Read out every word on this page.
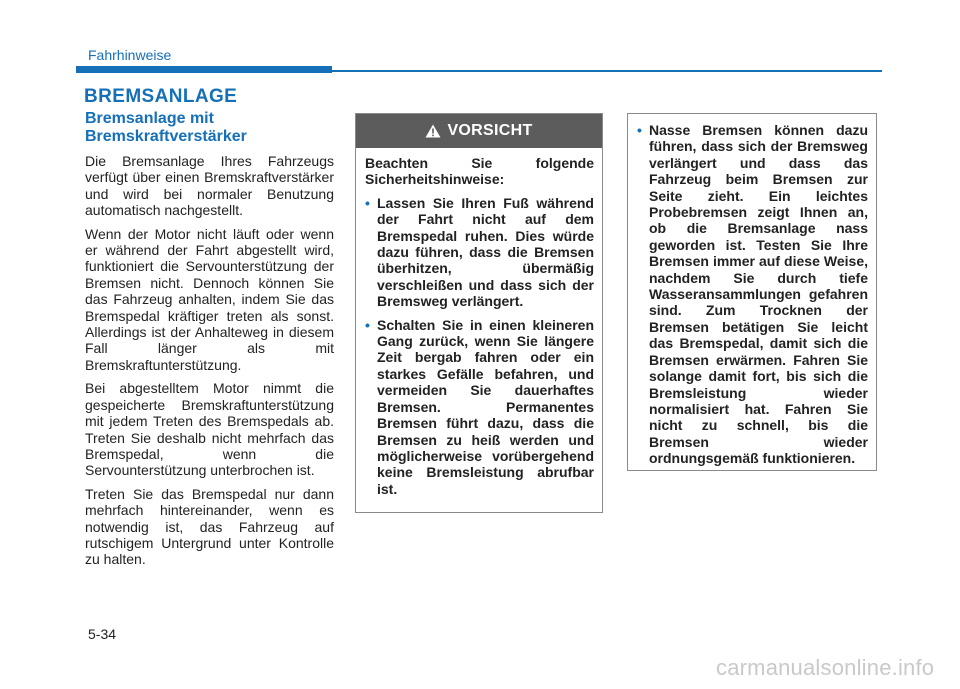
Fahrhinweise
BREMSANLAGE
Bremsanlage mit Bremskraftverstärker

Die Bremsanlage Ihres Fahrzeugs verfügt über einen Bremskraftverstärker und wird bei normaler Benutzung automatisch nachgestellt.

Wenn der Motor nicht läuft oder wenn er während der Fahrt abgestellt wird, funktioniert die Servounterstützung der Bremsen nicht. Dennoch können Sie das Fahrzeug anhalten, indem Sie das Bremspedal kräftiger treten als sonst. Allerdings ist der Anhalteweg in diesem Fall länger als mit Bremskraftunterstützung.

Bei abgestelltem Motor nimmt die gespeicherte Bremskraftunterstützung mit jedem Treten des Bremspedals ab. Treten Sie deshalb nicht mehrfach das Bremspedal, wenn die Servounterstützung unterbrochen ist.

Treten Sie das Bremspedal nur dann mehrfach hintereinander, wenn es notwendig ist, das Fahrzeug auf rutschigem Untergrund unter Kontrolle zu halten.

VORSICHT

Beachten Sie folgende Sicherheitshinweise:

• Lassen Sie Ihren Fuß während der Fahrt nicht auf dem Bremspedal ruhen. Dies würde dazu führen, dass die Bremsen überhitzen, übermäßig verschleißen und dass sich der Bremsweg verlängert.
• Schalten Sie in einen kleineren Gang zurück, wenn Sie längere Zeit bergab fahren oder ein starkes Gefälle befahren, und vermeiden Sie dauerhaftes Bremsen. Permanentes Bremsen führt dazu, dass die Bremsen zu heiß werden und möglicherweise vorübergehend keine Bremsleistung abrufbar ist.
• Nasse Bremsen können dazu führen, dass sich der Bremsweg verlängert und dass das Fahrzeug beim Bremsen zur Seite zieht. Ein leichtes Probebremsen zeigt Ihnen an, ob die Bremsanlage nass geworden ist. Testen Sie Ihre Bremsen immer auf diese Weise, nachdem Sie durch tiefe Wasseransammlungen gefahren sind. Zum Trocknen der Bremsen betätigen Sie leicht das Bremspedal, damit sich die Bremsen erwärmen. Fahren Sie solange damit fort, bis sich die Bremsleistung wieder normalisiert hat. Fahren Sie nicht zu schnell, bis die Bremsen wieder ordnungsgemäß funktionieren.
5-34
carmanualsonline.info
